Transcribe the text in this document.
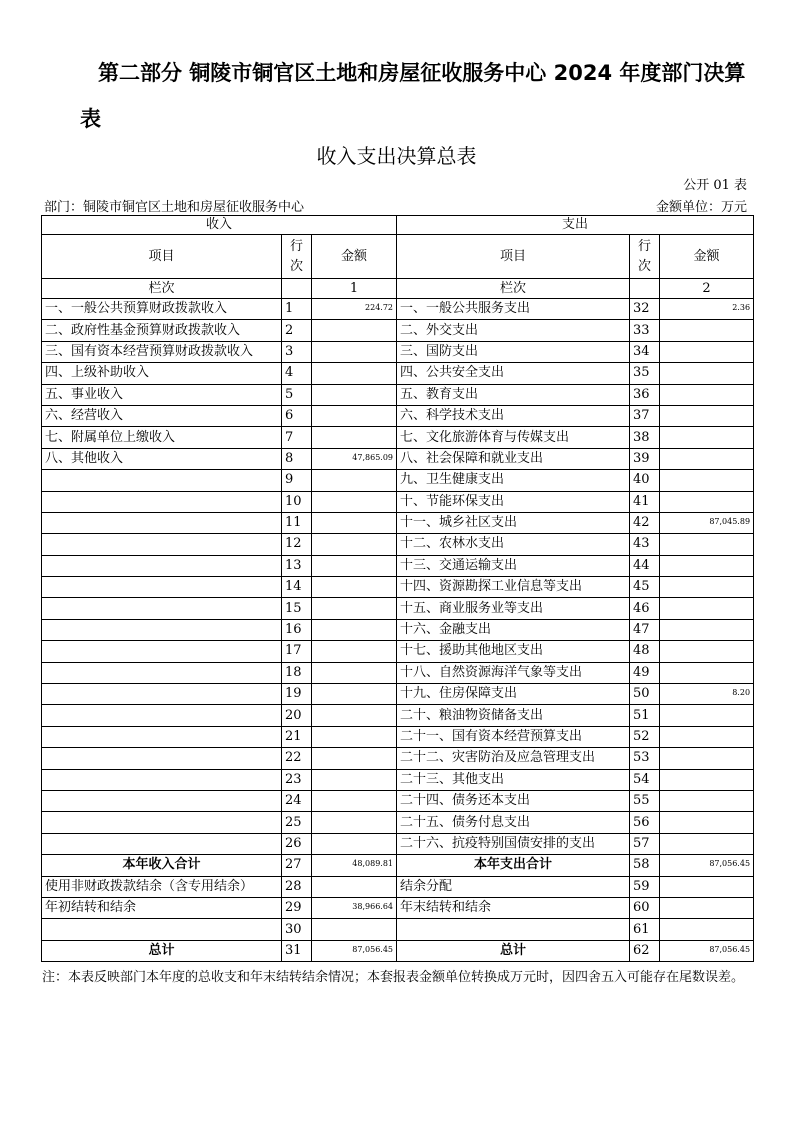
第二部分 铜陵市铜官区土地和房屋征收服务中心 2024 年度部门决算表
收入支出决算总表
公开 01 表
部门：铜陵市铜官区土地和房屋征收服务中心	金额单位：万元
收入			支出		
项目	行次	金额	项目	行次	金额
栏次		1	栏次		2
一、一般公共预算财政拨款收入	1	224.72	一、一般公共服务支出	32	2.36
二、政府性基金预算财政拨款收入	2		二、外交支出	33	
三、国有资本经营预算财政拨款收入	3		三、国防支出	34	
四、上级补助收入	4		四、公共安全支出	35	
五、事业收入	5		五、教育支出	36	
六、经营收入	6		六、科学技术支出	37	
七、附属单位上缴收入	7		七、文化旅游体育与传媒支出	38	
八、其他收入	8	47,865.09	八、社会保障和就业支出	39	
	9		九、卫生健康支出	40	
	10		十、节能环保支出	41	
	11		十一、城乡社区支出	42	87,045.89
	12		十二、农林水支出	43	
	13		十三、交通运输支出	44	
	14		十四、资源勘探工业信息等支出	45	
	15		十五、商业服务业等支出	46	
	16		十六、金融支出	47	
	17		十七、援助其他地区支出	48	
	18		十八、自然资源海洋气象等支出	49	
	19		十九、住房保障支出	50	8.20
	20		二十、粮油物资储备支出	51	
	21		二十一、国有资本经营预算支出	52	
	22		二十二、灾害防治及应急管理支出	53	
	23		二十三、其他支出	54	
	24		二十四、债务还本支出	55	
	25		二十五、债务付息支出	56	
	26		二十六、抗疫特别国债安排的支出	57	
本年收入合计	27	48,089.81	本年支出合计	58	87,056.45
使用非财政拨款结余（含专用结余）	28		结余分配	59	
年初结转和结余	29	38,966.64	年末结转和结余	60	
	30			61	
总计	31	87,056.45	总计	62	87,056.45
注：本表反映部门本年度的总收支和年末结转结余情况；本套报表金额单位转换成万元时，因四舍五入可能存在尾数误差。
